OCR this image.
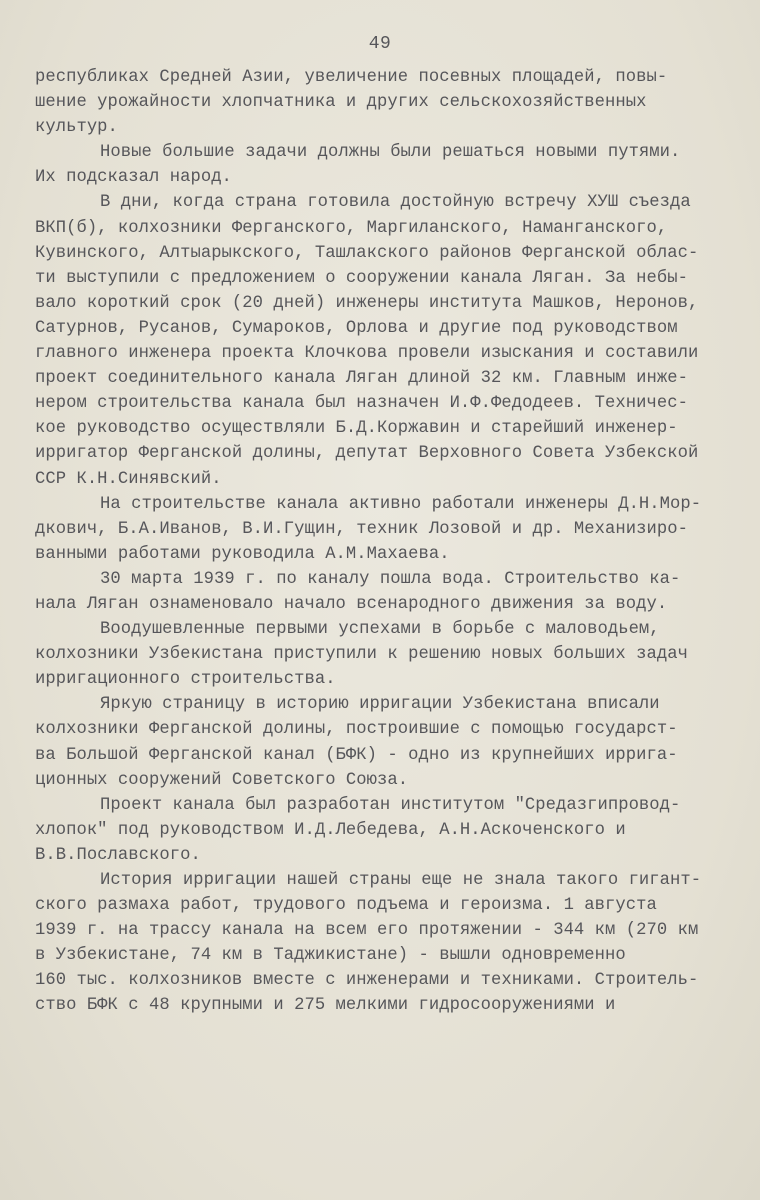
49
республиках Средней Азии, увеличение посевных площадей, повы-
шение урожайности хлопчатника и других сельскохозяйственных
культур.
Новые большие задачи должны были решаться новыми путями.
Их подсказал народ.
В дни, когда страна готовила достойную встречу ХУШ съезда
ВКП(б), колхозники Ферганского, Маргиланского, Наманганского,
Кувинского, Алтыарыкского, Ташлакского районов Ферганской облас-
ти выступили с предложением о сооружении канала Ляган. За небы-
вало короткий срок (20 дней) инженеры института Машков, Неронов,
Сатурнов, Русанов, Сумароков, Орлова и другие под руководством
главного инженера проекта Клочкова провели изыскания и составили
проект соединительного канала Ляган длиной 32 км. Главным инже-
нером строительства канала был назначен И.Ф.Федодеев. Техничес-
кое руководство осуществляли Б.Д.Коржавин и старейший инженер-
ирригатор Ферганской долины, депутат Верховного Совета Узбекской
ССР К.Н.Синявский.
На строительстве канала активно работали инженеры Д.Н.Мор-
дкович, Б.А.Иванов, В.И.Гущин, техник Лозовой и др. Механизиро-
ванными работами руководила А.М.Махаева.
30 марта 1939 г. по каналу пошла вода. Строительство ка-
нала Ляган ознаменовало начало всенародного движения за воду.
Воодушевленные первыми успехами в борьбе с маловодьем,
колхозники Узбекистана приступили к решению новых больших задач
ирригационного строительства.
Яркую страницу в историю ирригации Узбекистана вписали
колхозники Ферганской долины, построившие с помощью государст-
ва Большой Ферганской канал (БФК) - одно из крупнейших ирригa-
ционных сооружений Советского Союза.
Проект канала был разработан институтом "Средазгипровод-
хлопок" под руководством И.Д.Лебедева, А.Н.Аскоченского и
В.В.Пославского.
История ирригации нашей страны еще не знала такого гигант-
ского размаха работ, трудового подъема и героизма. 1 августа
1939 г. на трассу канала на всем его протяжении - 344 км (270 км
в Узбекистане, 74 км в Таджикистане) - вышли одновременно
160 тыс. колхозников вместе с инженерами и техниками. Строитель-
ство БФК с 48 крупными и 275 мелкими гидросооружениями и
